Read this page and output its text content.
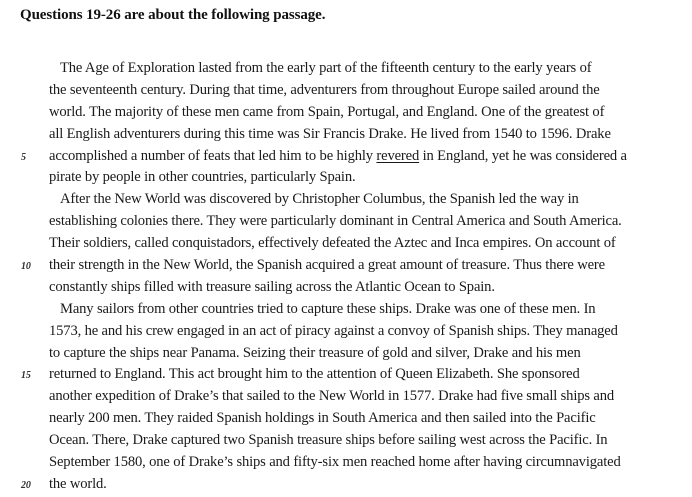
Questions 19-26 are about the following passage.
The Age of Exploration lasted from the early part of the fifteenth century to the early years of
the seventeenth century. During that time, adventurers from throughout Europe sailed around the
world. The majority of these men came from Spain, Portugal, and England. One of the greatest of
all English adventurers during this time was Sir Francis Drake. He lived from 1540 to 1596. Drake
5	accomplished a number of feats that led him to be highly revered in England, yet he was considered a
pirate by people in other countries, particularly Spain.
After the New World was discovered by Christopher Columbus, the Spanish led the way in
establishing colonies there. They were particularly dominant in Central America and South America.
Their soldiers, called conquistadors, effectively defeated the Aztec and Inca empires. On account of
10	their strength in the New World, the Spanish acquired a great amount of treasure. Thus there were
constantly ships filled with treasure sailing across the Atlantic Ocean to Spain.
Many sailors from other countries tried to capture these ships. Drake was one of these men. In
1573, he and his crew engaged in an act of piracy against a convoy of Spanish ships. They managed
to capture the ships near Panama. Seizing their treasure of gold and silver, Drake and his men
15	returned to England. This act brought him to the attention of Queen Elizabeth. She sponsored
another expedition of Drake’s that sailed to the New World in 1577. Drake had five small ships and
nearly 200 men. They raided Spanish holdings in South America and then sailed into the Pacific
Ocean. There, Drake captured two Spanish treasure ships before sailing west across the Pacific. In
September 1580, one of Drake’s ships and fifty-six men reached home after having circumnavigated
20	the world.
